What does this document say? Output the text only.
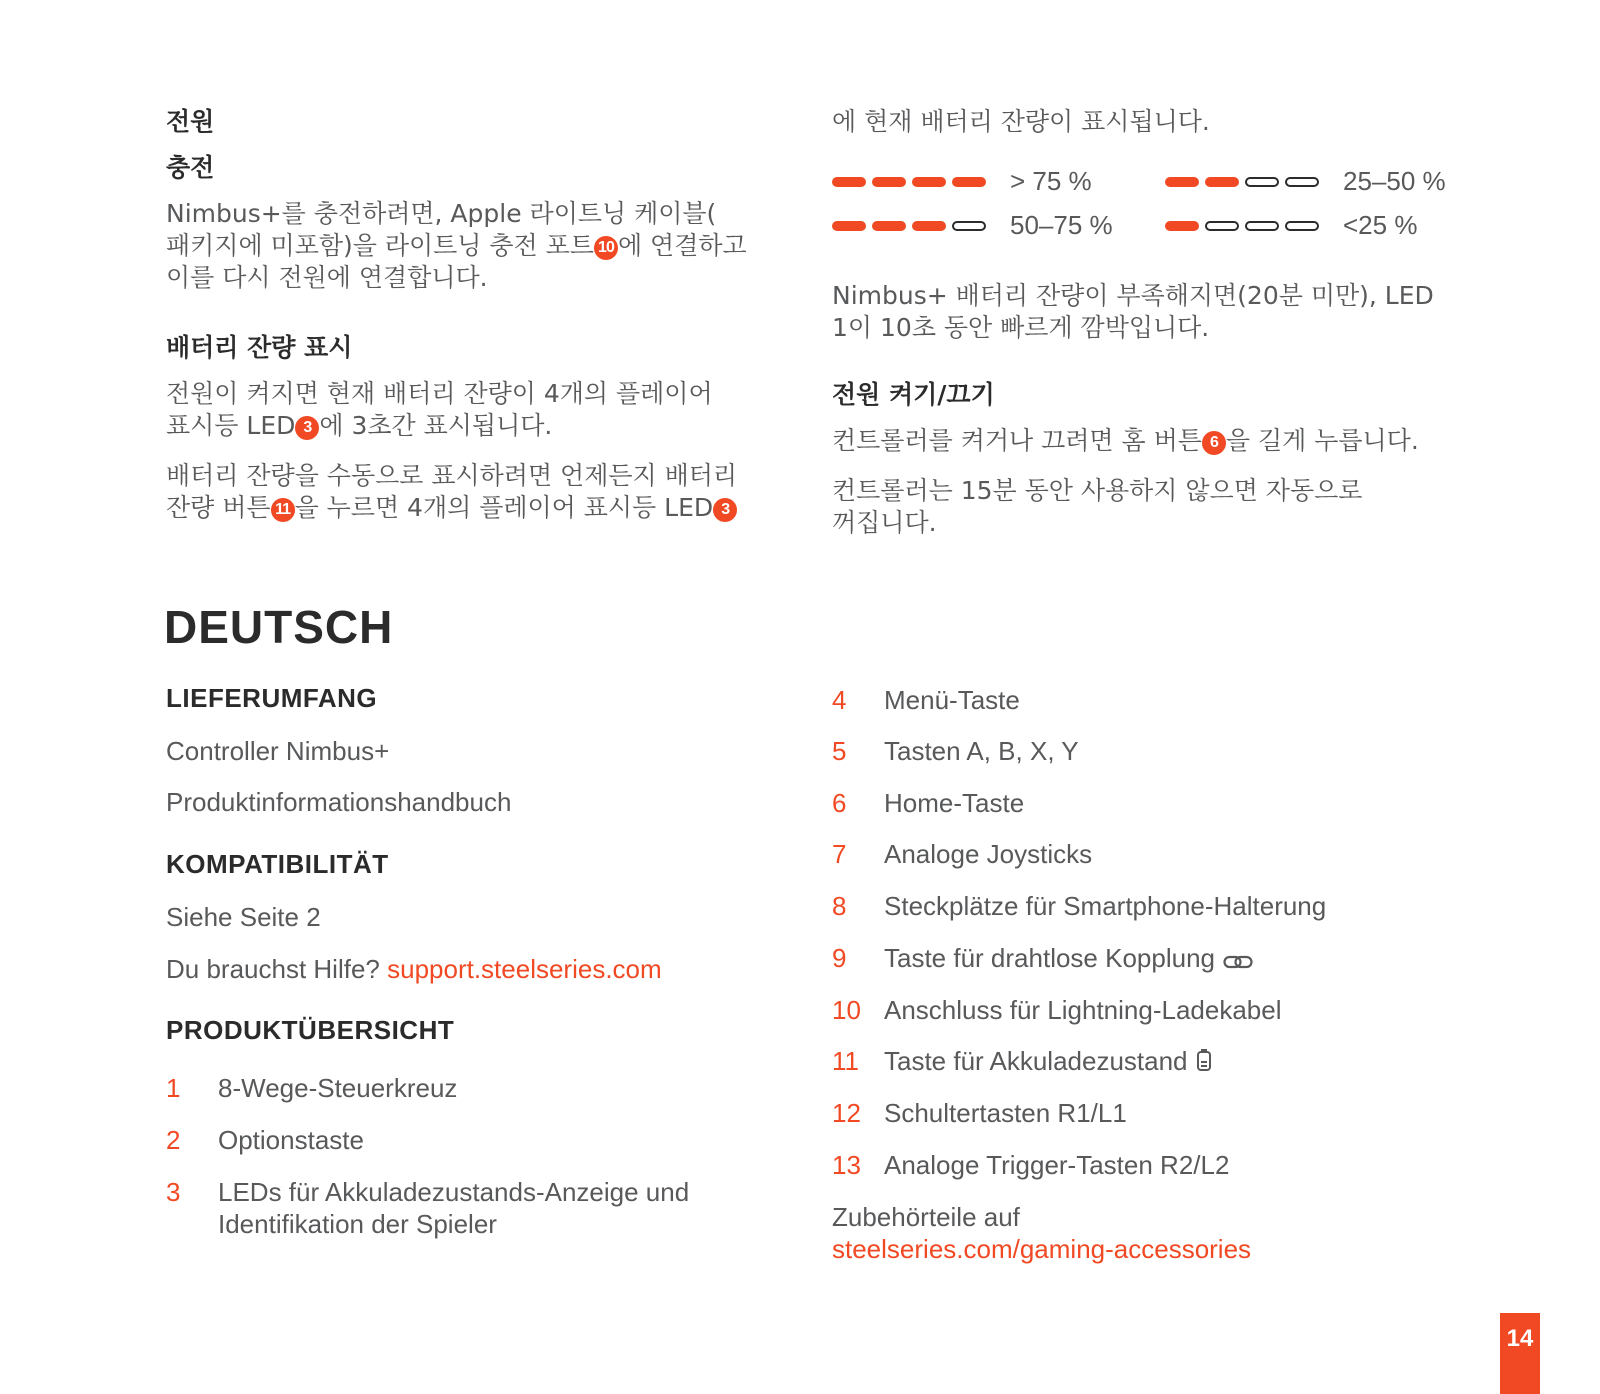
전원
충전

Nimbus+를 충전하려면, Apple 라이트닝 케이블(

패키지에 미포함)을 라이트닝 충전 포트 10 에 연결하고

이를 다시 전원에 연결합니다.

배터리 잔량 표시

전원이 켜지면 현재 배터리 잔량이 4개의 플레이어

표시등 LED 3 에 3초간 표시됩니다.

배터리 잔량을 수동으로 표시하려면 언제든지 배터리

잔량 버튼 11 을 누르면 4개의 플레이어 표시등 LED 3

에 현재 배터리 잔량이 표시됩니다.

> 75 %	25–50 %
50–75 %	<25 %

Nimbus+ 배터리 잔량이 부족해지면(20분 미만), LED

1이 10초 동안 빠르게 깜박입니다.

전원 켜기/끄기

컨트롤러를 켜거나 끄려면 홈 버튼 6 을 길게 누릅니다.

컨트롤러는 15분 동안 사용하지 않으면 자동으로

꺼집니다.

DEUTSCH
LIEFERUMFANG

Controller Nimbus+

Produktinformationshandbuch

KOMPATIBILITÄT

Siehe Seite 2

Du brauchst Hilfe? support.steelseries.com

PRODUKTÜBERSICHT
1 8-Wege-Steuerkreuz
2 Optionstaste
3 LEDs für Akkuladezustands-Anzeige und
Identifikation der Spieler
4 Menü-Taste
5 Tasten A, B, X, Y
6 Home-Taste
7 Analoge Joysticks
8 Steckplätze für Smartphone-Halterung
9 Taste für drahtlose Kopplung
10 Anschluss für Lightning-Ladekabel
11 Taste für Akkuladezustand
12 Schultertasten R1/L1
13 Analoge Trigger-Tasten R2/L2
Zubehörteile auf
steelseries.com/gaming-accessories
14
